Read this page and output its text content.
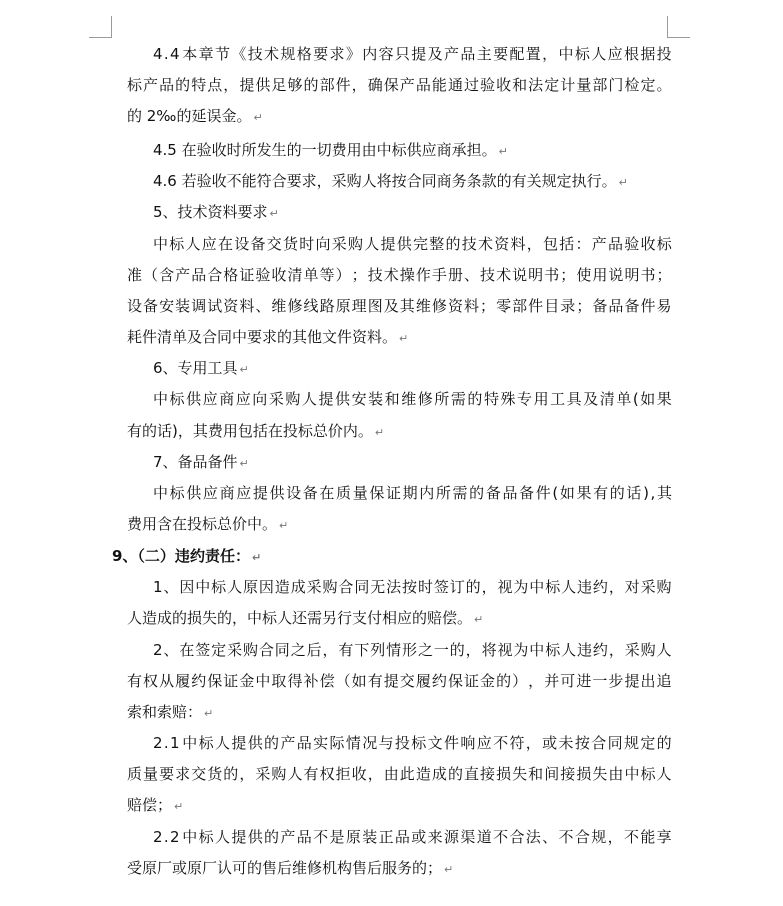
4 . 4 本 章 节 《 技 术 规 格 要 求 》 内 容 只 提 及 产 品 主 要 配 置 ， 中 标 人 应 根 据 投
标 产 品 的 特 点 ， 提 供 足 够 的 部 件 ， 确 保 产 品 能 通 过 验 收 和 法 定 计 量 部 门 检 定 。
的 2‰的延误金。 ↵
4.5 在验收时所发生的一切费用由中标供应商承担。 ↵
4.6 若验收不能符合要求，采购人将按合同商务条款的有关规定执行。 ↵
5、技术资料要求 ↵
中 标 人 应 在 设 备 交 货 时 向 采 购 人 提 供 完 整 的 技 术 资 料 ， 包 括 ： 产 品 验 收 标
准 （ 含 产 品 合 格 证 验 收 清 单 等 ） ； 技 术 操 作 手 册 、 技 术 说 明 书 ； 使 用 说 明 书 ；
设 备 安 装 调 试 资 料 、 维 修 线 路 原 理 图 及 其 维 修 资 料 ； 零 部 件 目 录 ； 备 品 备 件 易
耗件清单及合同中要求的其他文件资料。 ↵
6、专用工具 ↵
中 标 供 应 商 应 向 采 购 人 提 供 安 装 和 维 修 所 需 的 特 殊 专 用 工 具 及 清 单 ( 如 果
有的话)，其费用包括在投标总价内。 ↵
7、备品备件 ↵
中 标 供 应 商 应 提 供 设 备 在 质 量 保 证 期 内 所 需 的 备 品 备 件 ( 如 果 有 的 话 ) , 其
费用含在投标总价中。 ↵
9、（二）违约责任： ↵
1 、 因 中 标 人 原 因 造 成 采 购 合 同 无 法 按 时 签 订 的 ， 视 为 中 标 人 违 约 ， 对 采 购
人造成的损失的，中标人还需另行支付相应的赔偿。 ↵
2 、 在 签 定 采 购 合 同 之 后 ， 有 下 列 情 形 之 一 的 ， 将 视 为 中 标 人 违 约 ， 采 购 人
有 权 从 履 约 保 证 金 中 取 得 补 偿 （ 如 有 提 交 履 约 保 证 金 的 ） ， 并 可 进 一 步 提 出 追
索和索赔： ↵
2 . 1 中 标 人 提 供 的 产 品 实 际 情 况 与 投 标 文 件 响 应 不 符 ， 或 未 按 合 同 规 定 的
质 量 要 求 交 货 的 ， 采 购 人 有 权 拒 收 ， 由 此 造 成 的 直 接 损 失 和 间 接 损 失 由 中 标 人
赔偿； ↵
2 . 2 中 标 人 提 供 的 产 品 不 是 原 装 正 品 或 来 源 渠 道 不 合 法 、 不 合 规 ， 不 能 享
受原厂或原厂认可的售后维修机构售后服务的； ↵
